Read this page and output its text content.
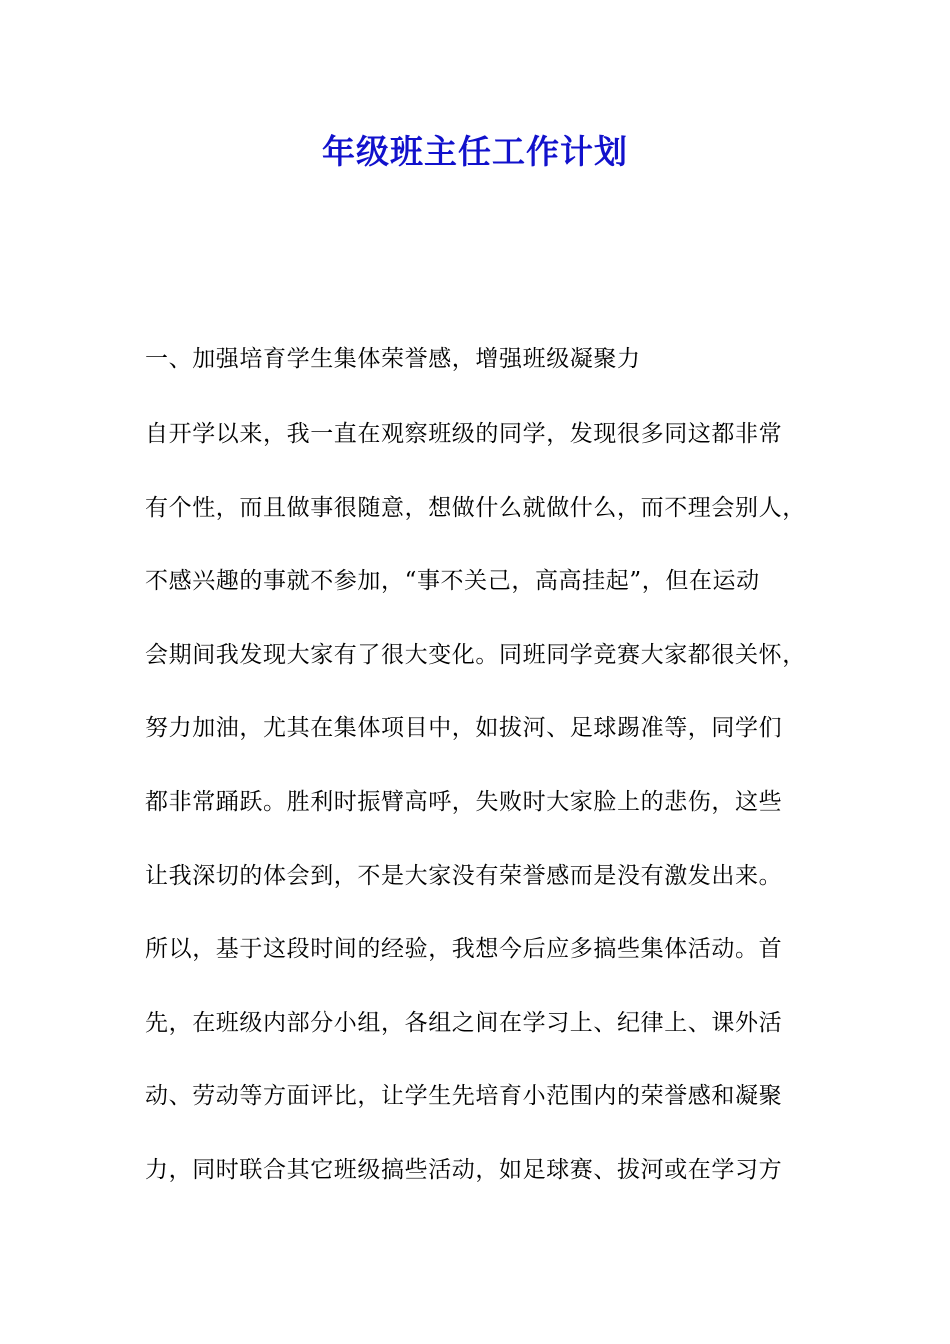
年级班主任工作计划

一、加强培育学生集体荣誉感，增强班级凝聚力

自开学以来，我一直在观察班级的同学，发现很多同这都非常
有个性，而且做事很随意，想做什么就做什么，而不理会别人，
不感兴趣的事就不参加，“事不关己，高高挂起”，但在运动
会期间我发现大家有了很大变化。同班同学竞赛大家都很关怀，
努力加油，尤其在集体项目中，如拔河、足球踢准等，同学们
都非常踊跃。胜利时振臂高呼，失败时大家脸上的悲伤，这些
让我深切的体会到，不是大家没有荣誉感而是没有激发出来。
所以，基于这段时间的经验，我想今后应多搞些集体活动。首
先，在班级内部分小组，各组之间在学习上、纪律上、课外活
动、劳动等方面评比，让学生先培育小范围内的荣誉感和凝聚
力，同时联合其它班级搞些活动，如足球赛、拔河或在学习方
